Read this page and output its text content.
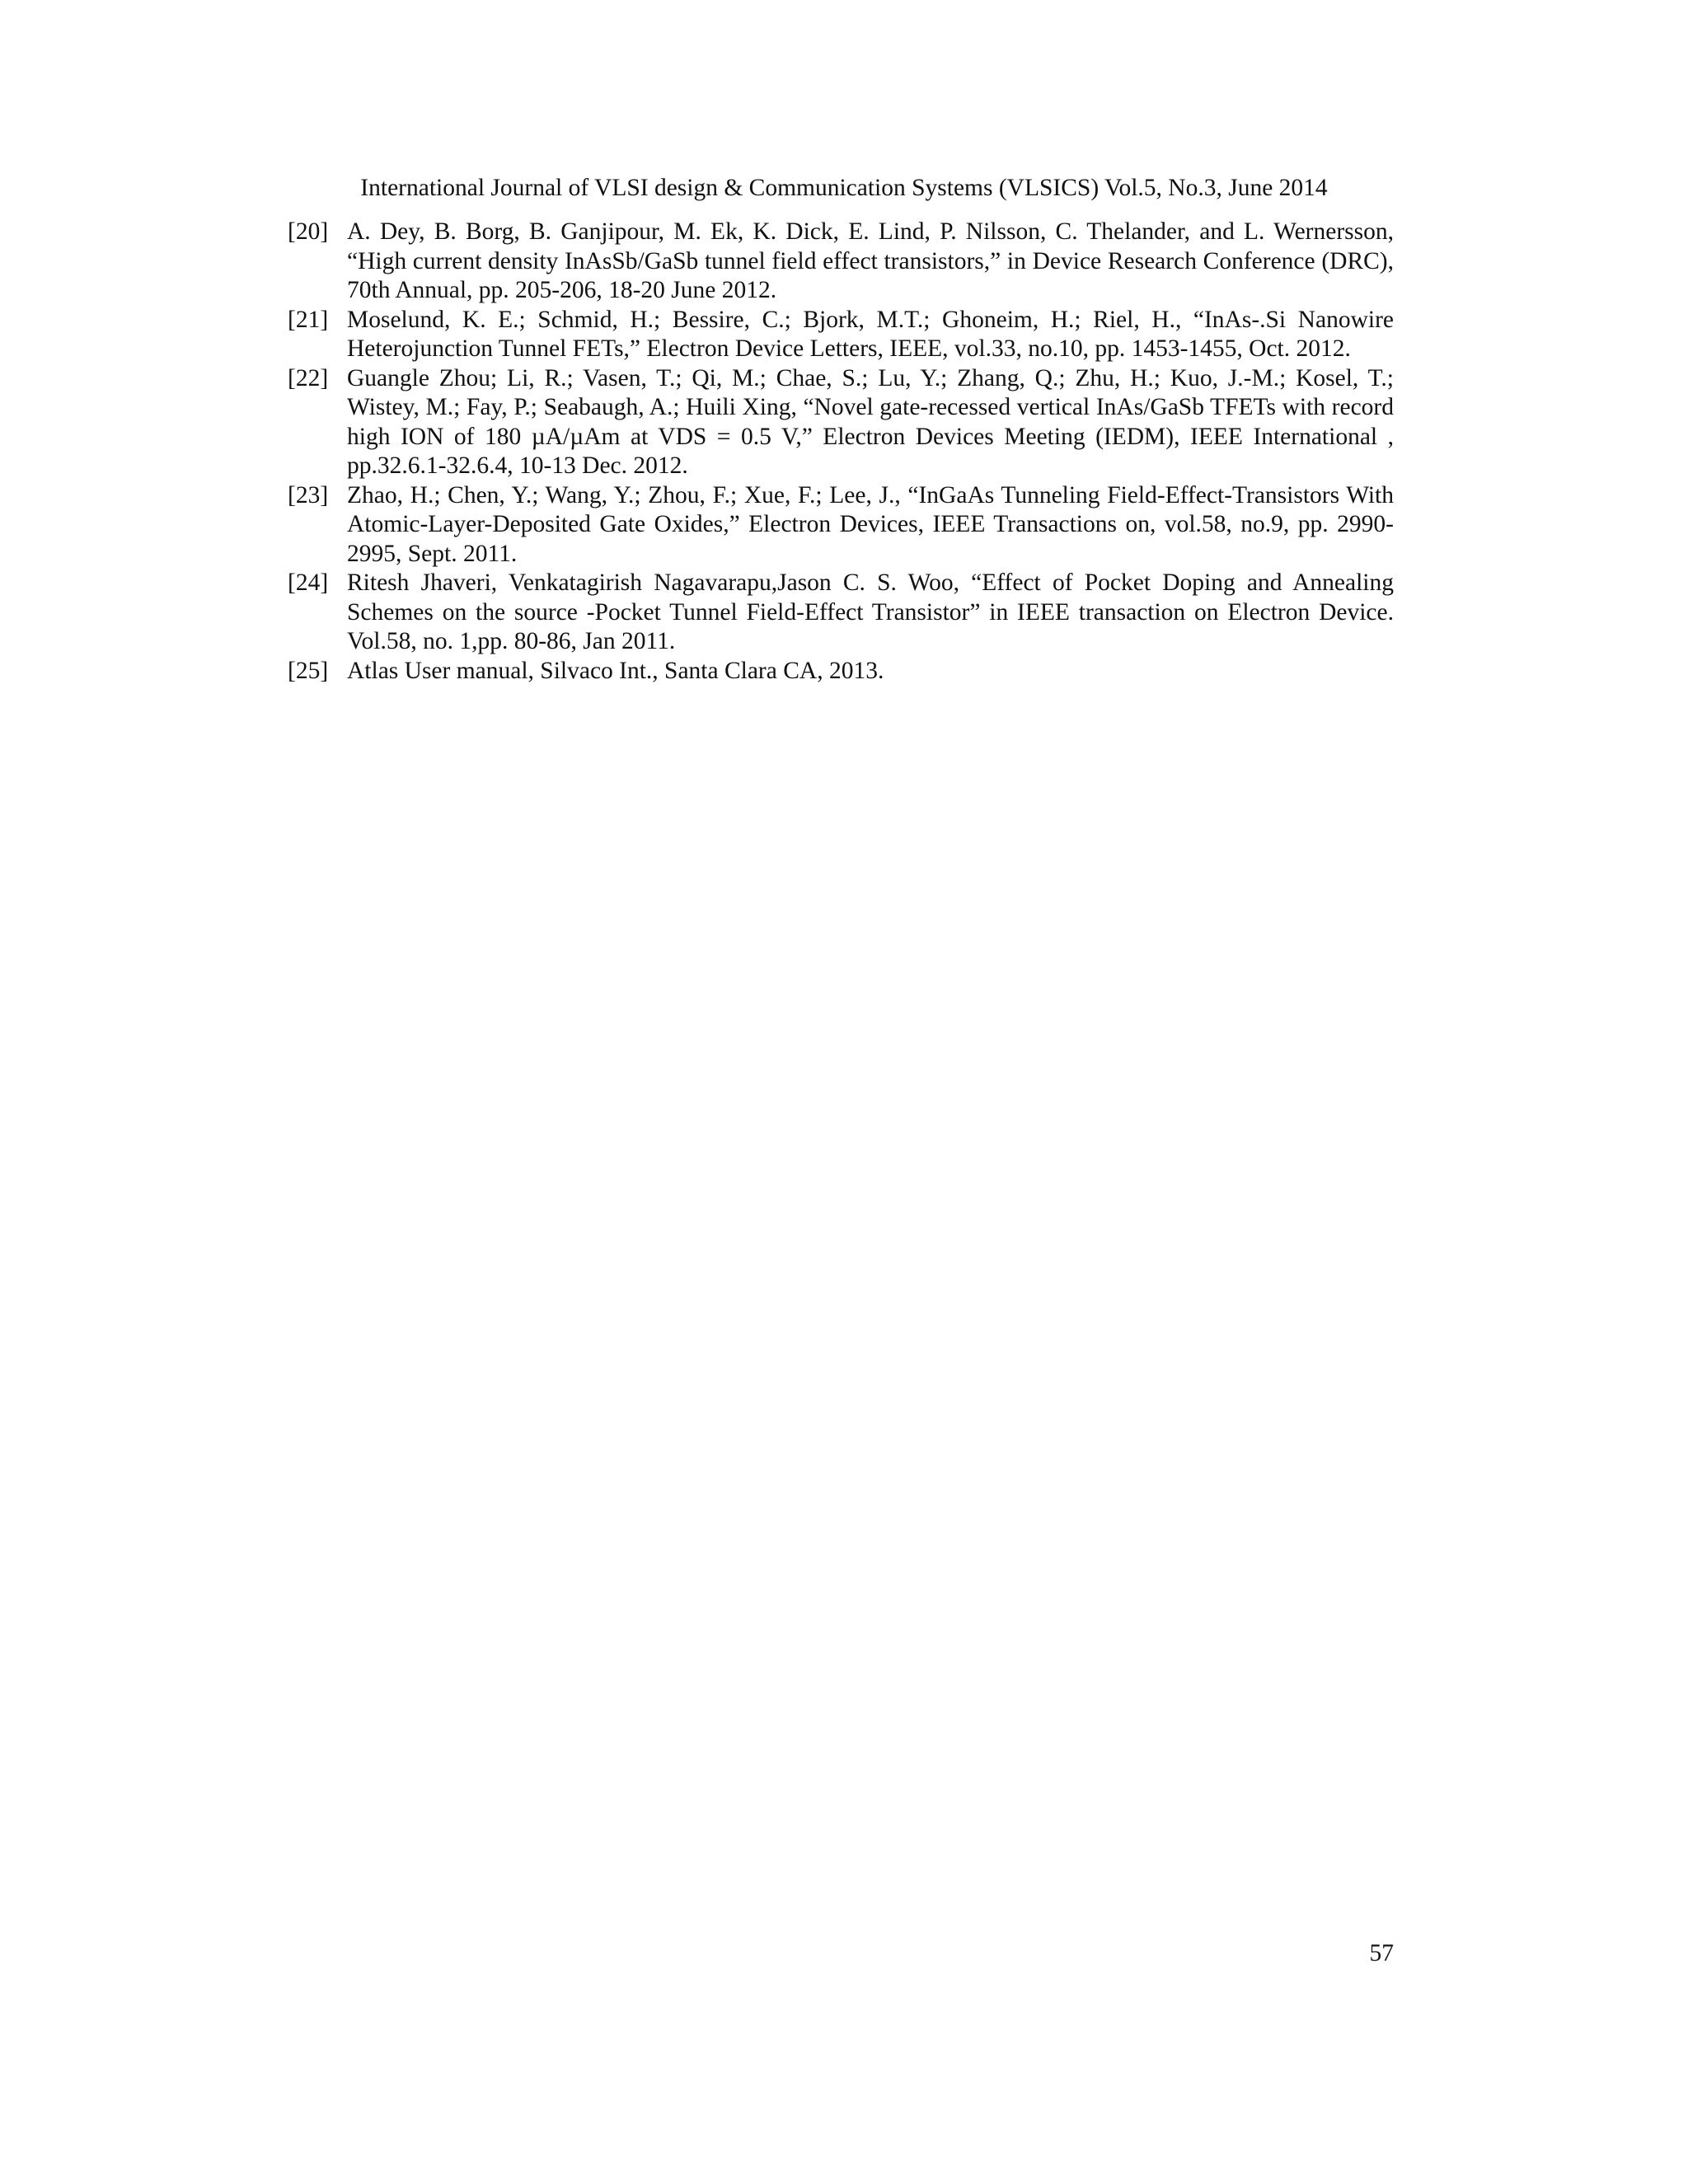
International Journal of VLSI design & Communication Systems (VLSICS) Vol.5, No.3, June 2014
[20] A. Dey, B. Borg, B. Ganjipour, M. Ek, K. Dick, E. Lind, P. Nilsson, C. Thelander, and L. Wernersson, “High current density InAsSb/GaSb tunnel field effect transistors,” in Device Research Conference (DRC), 70th Annual, pp. 205-206, 18-20 June 2012.
[21] Moselund, K. E.; Schmid, H.; Bessire, C.; Bjork, M.T.; Ghoneim, H.; Riel, H., “InAs-.Si Nanowire Heterojunction Tunnel FETs,” Electron Device Letters, IEEE, vol.33, no.10, pp. 1453-1455, Oct. 2012.
[22] Guangle Zhou; Li, R.; Vasen, T.; Qi, M.; Chae, S.; Lu, Y.; Zhang, Q.; Zhu, H.; Kuo, J.-M.; Kosel, T.; Wistey, M.; Fay, P.; Seabaugh, A.; Huili Xing, “Novel gate-recessed vertical InAs/GaSb TFETs with record high ION of 180 µA/µAm at VDS = 0.5 V,” Electron Devices Meeting (IEDM), IEEE International , pp.32.6.1-32.6.4, 10-13 Dec. 2012.
[23] Zhao, H.; Chen, Y.; Wang, Y.; Zhou, F.; Xue, F.; Lee, J., “InGaAs Tunneling Field-Effect-Transistors With Atomic-Layer-Deposited Gate Oxides,” Electron Devices, IEEE Transactions on, vol.58, no.9, pp. 2990-2995, Sept. 2011.
[24] Ritesh Jhaveri, Venkatagirish Nagavarapu,Jason C. S. Woo, “Effect of Pocket Doping and Annealing Schemes on the source -Pocket Tunnel Field-Effect Transistor” in IEEE transaction on Electron Device. Vol.58, no. 1,pp. 80-86, Jan 2011.
[25] Atlas User manual, Silvaco Int., Santa Clara CA, 2013.
57
